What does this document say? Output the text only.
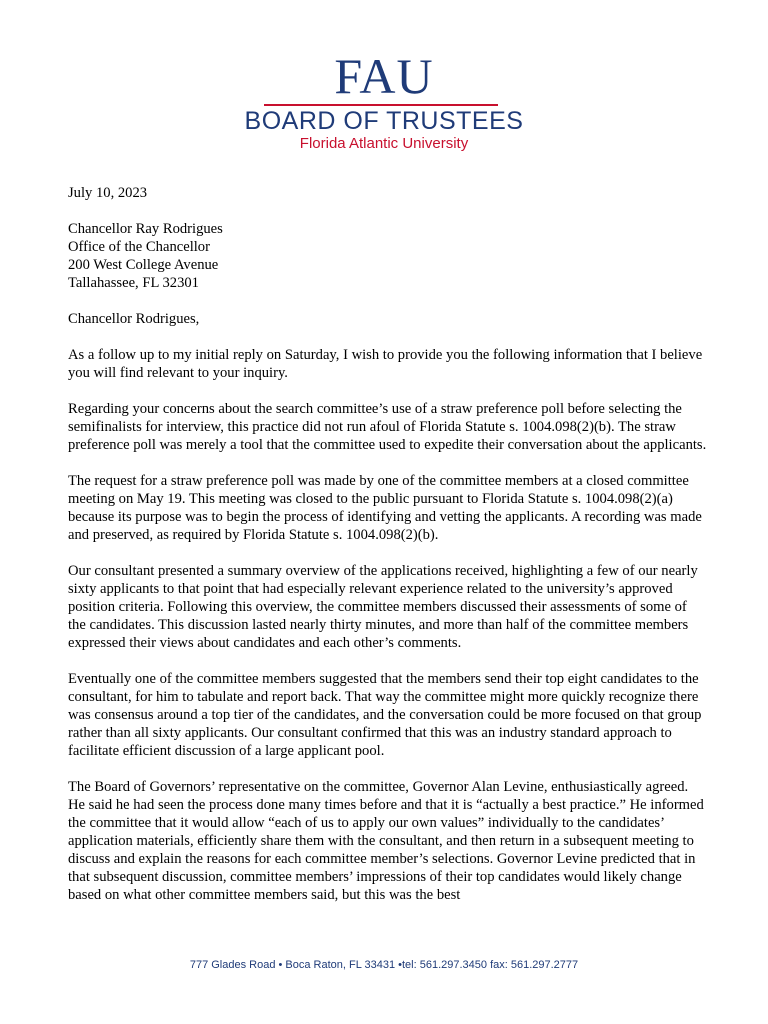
FAU
BOARD OF TRUSTEES
Florida Atlantic University
July 10, 2023
Chancellor Ray Rodrigues
Office of the Chancellor
200 West College Avenue
Tallahassee, FL 32301

Chancellor Rodrigues,

As a follow up to my initial reply on Saturday, I wish to provide you the following information that I believe you will find relevant to your inquiry.

Regarding your concerns about the search committee’s use of a straw preference poll before selecting the semifinalists for interview, this practice did not run afoul of Florida Statute s. 1004.098(2)(b). The straw preference poll was merely a tool that the committee used to expedite their conversation about the applicants.

The request for a straw preference poll was made by one of the committee members at a closed committee meeting on May 19. This meeting was closed to the public pursuant to Florida Statute s. 1004.098(2)(a) because its purpose was to begin the process of identifying and vetting the applicants. A recording was made and preserved, as required by Florida Statute s. 1004.098(2)(b).

Our consultant presented a summary overview of the applications received, highlighting a few of our nearly sixty applicants to that point that had especially relevant experience related to the university’s approved position criteria. Following this overview, the committee members discussed their assessments of some of the candidates. This discussion lasted nearly thirty minutes, and more than half of the committee members expressed their views about candidates and each other’s comments.

Eventually one of the committee members suggested that the members send their top eight candidates to the consultant, for him to tabulate and report back. That way the committee might more quickly recognize there was consensus around a top tier of the candidates, and the conversation could be more focused on that group rather than all sixty applicants. Our consultant confirmed that this was an industry standard approach to facilitate efficient discussion of a large applicant pool.

The Board of Governors’ representative on the committee, Governor Alan Levine, enthusiastically agreed. He said he had seen the process done many times before and that it is “actually a best practice.” He informed the committee that it would allow “each of us to apply our own values” individually to the candidates’ application materials, efficiently share them with the consultant, and then return in a subsequent meeting to discuss and explain the reasons for each committee member’s selections. Governor Levine predicted that in that subsequent discussion, committee members’ impressions of their top candidates would likely change based on what other committee members said, but this was the best

777 Glades Road • Boca Raton, FL 33431 •tel: 561.297.3450 fax: 561.297.2777
